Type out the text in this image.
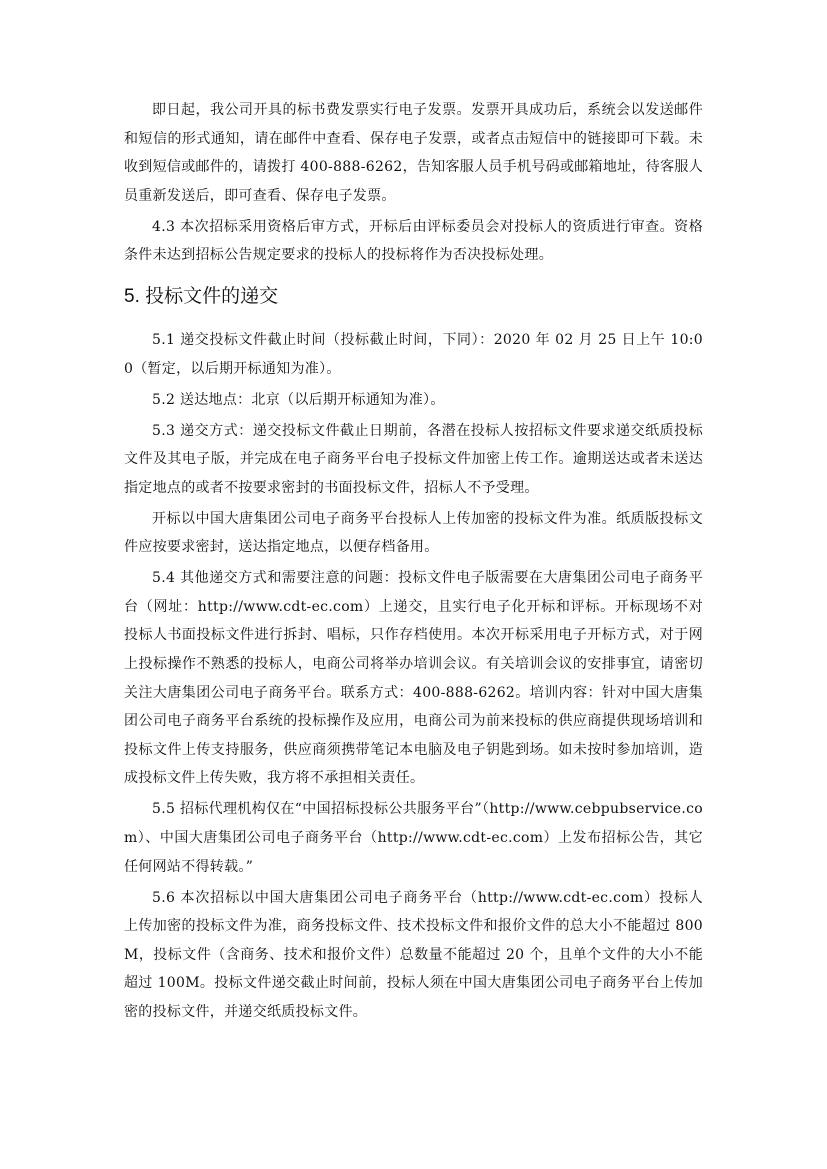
即日起，我公司开具的标书费发票实行电子发票。发票开具成功后，系统会以发送邮件和短信的形式通知，请在邮件中查看、保存电子发票，或者点击短信中的链接即可下载。未收到短信或邮件的，请拨打 400-888-6262，告知客服人员手机号码或邮箱地址，待客服人员重新发送后，即可查看、保存电子发票。

4.3 本次招标采用资格后审方式，开标后由评标委员会对投标人的资质进行审查。资格条件未达到招标公告规定要求的投标人的投标将作为否决投标处理。

5. 投标文件的递交

5.1 递交投标文件截止时间（投标截止时间，下同）：2020 年 02 月 25 日上午 10:00（暂定，以后期开标通知为准）。

5.2 送达地点：北京（以后期开标通知为准）。

5.3 递交方式：递交投标文件截止日期前，各潜在投标人按招标文件要求递交纸质投标文件及其电子版，并完成在电子商务平台电子投标文件加密上传工作。逾期送达或者未送达指定地点的或者不按要求密封的书面投标文件，招标人不予受理。

开标以中国大唐集团公司电子商务平台投标人上传加密的投标文件为准。纸质版投标文件应按要求密封，送达指定地点，以便存档备用。

5.4 其他递交方式和需要注意的问题：投标文件电子版需要在大唐集团公司电子商务平台（网址：http://www.cdt-ec.com）上递交，且实行电子化开标和评标。开标现场不对投标人书面投标文件进行拆封、唱标，只作存档使用。本次开标采用电子开标方式，对于网上投标操作不熟悉的投标人，电商公司将举办培训会议。有关培训会议的安排事宜，请密切关注大唐集团公司电子商务平台。联系方式：400-888-6262。培训内容：针对中国大唐集团公司电子商务平台系统的投标操作及应用，电商公司为前来投标的供应商提供现场培训和投标文件上传支持服务，供应商须携带笔记本电脑及电子钥匙到场。如未按时参加培训，造成投标文件上传失败，我方将不承担相关责任。

5.5 招标代理机构仅在“中国招标投标公共服务平台”（http://www.cebpubservice.com）、中国大唐集团公司电子商务平台（http://www.cdt-ec.com）上发布招标公告，其它任何网站不得转载。”

5.6 本次招标以中国大唐集团公司电子商务平台（http://www.cdt-ec.com）投标人上传加密的投标文件为准，商务投标文件、技术投标文件和报价文件的总大小不能超过 800M，投标文件（含商务、技术和报价文件）总数量不能超过 20 个，且单个文件的大小不能超过 100M。投标文件递交截止时间前，投标人须在中国大唐集团公司电子商务平台上传加密的投标文件，并递交纸质投标文件。
